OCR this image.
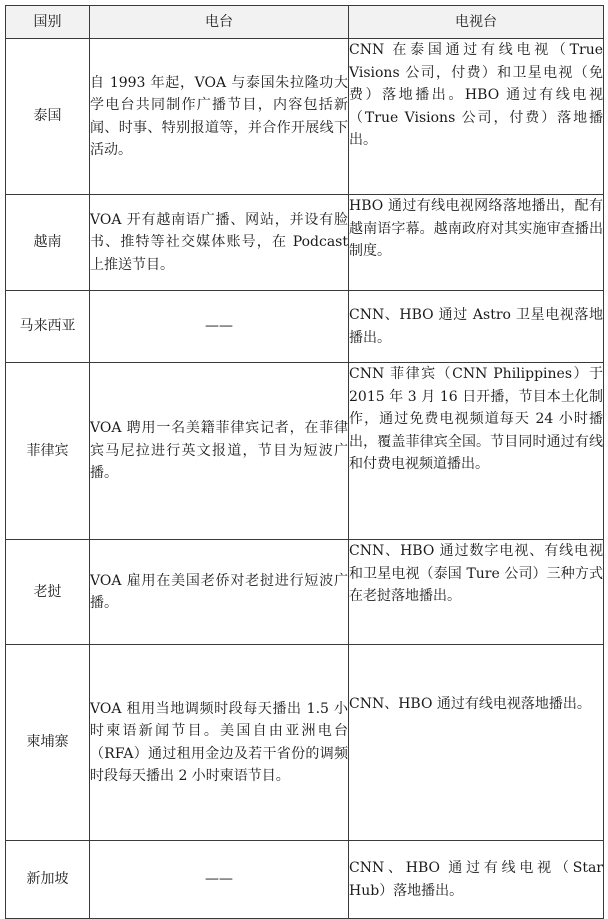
国别	电台	电视台
泰国	自 1993 年起，VOA 与泰国朱拉隆功大学电台共同制作广播节目，内容包括新闻、时事、特别报道等，并合作开展线下活动。	CNN 在泰国通过有线电视（True Visions 公司，付费）和卫星电视（免费）落地播出。HBO 通过有线电视（True Visions 公司，付费）落地播出。
越南	VOA 开有越南语广播、网站，并设有脸书、推特等社交媒体账号，在 Podcast 上推送节目。	HBO 通过有线电视网络落地播出，配有越南语字幕。越南政府对其实施审查播出制度。
马来西亚	——	CNN、HBO 通过 Astro 卫星电视落地播出。
菲律宾	VOA 聘用一名美籍菲律宾记者，在菲律宾马尼拉进行英文报道，节目为短波广播。	CNN 菲律宾（CNN Philippines）于 2015 年 3 月 16 日开播，节目本土化制作，通过免费电视频道每天 24 小时播出，覆盖菲律宾全国。节目同时通过有线和付费电视频道播出。
老挝	VOA 雇用在美国老侨对老挝进行短波广播。	CNN、HBO 通过数字电视、有线电视和卫星电视（泰国 Ture 公司）三种方式在老挝落地播出。
柬埔寨	VOA 租用当地调频时段每天播出 1.5 小时柬语新闻节目。美国自由亚洲电台（RFA）通过租用金边及若干省份的调频时段每天播出 2 小时柬语节目。	CNN、HBO 通过有线电视落地播出。
新加坡	——	CNN、HBO 通过有线电视（Star Hub）落地播出。
